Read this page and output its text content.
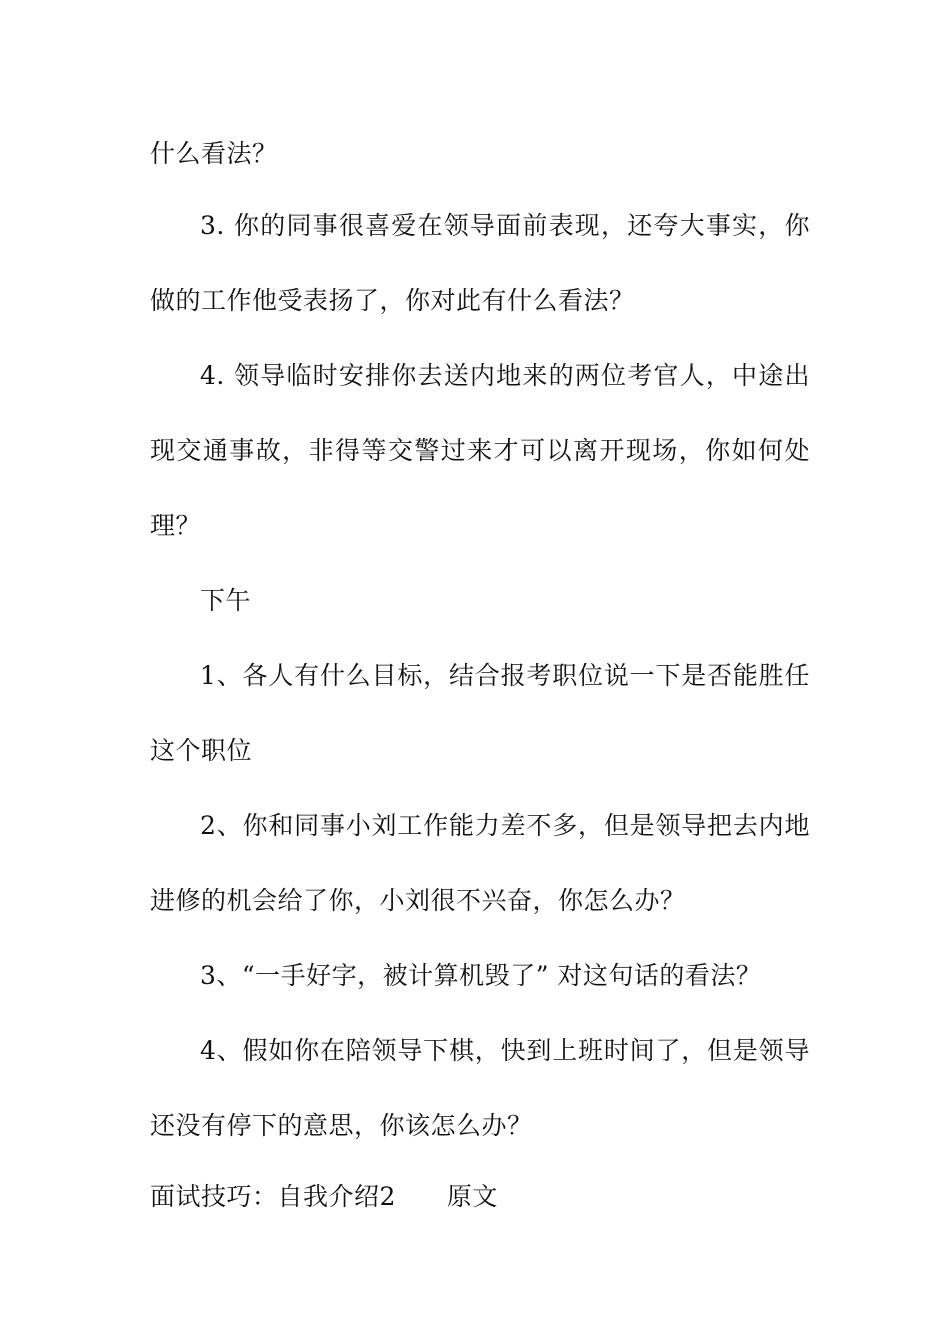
什么看法？
3. 你的同事很喜爱在领导面前表现，还夸大事实，你
做的工作他受表扬了，你对此有什么看法？
4. 领导临时安排你去送内地来的两位考官人，中途出
现交通事故，非得等交警过来才可以离开现场，你如何处
理？
下午
1、各人有什么目标，结合报考职位说一下是否能胜任
这个职位
2、你和同事小刘工作能力差不多，但是领导把去内地
进修的机会给了你，小刘很不兴奋，你怎么办？
3、“一手好字，被计算机毁了” 对这句话的看法？
4、假如你在陪领导下棋，快到上班时间了，但是领导
还没有停下的意思，你该怎么办？
面试技巧：自我介绍2　　原文
